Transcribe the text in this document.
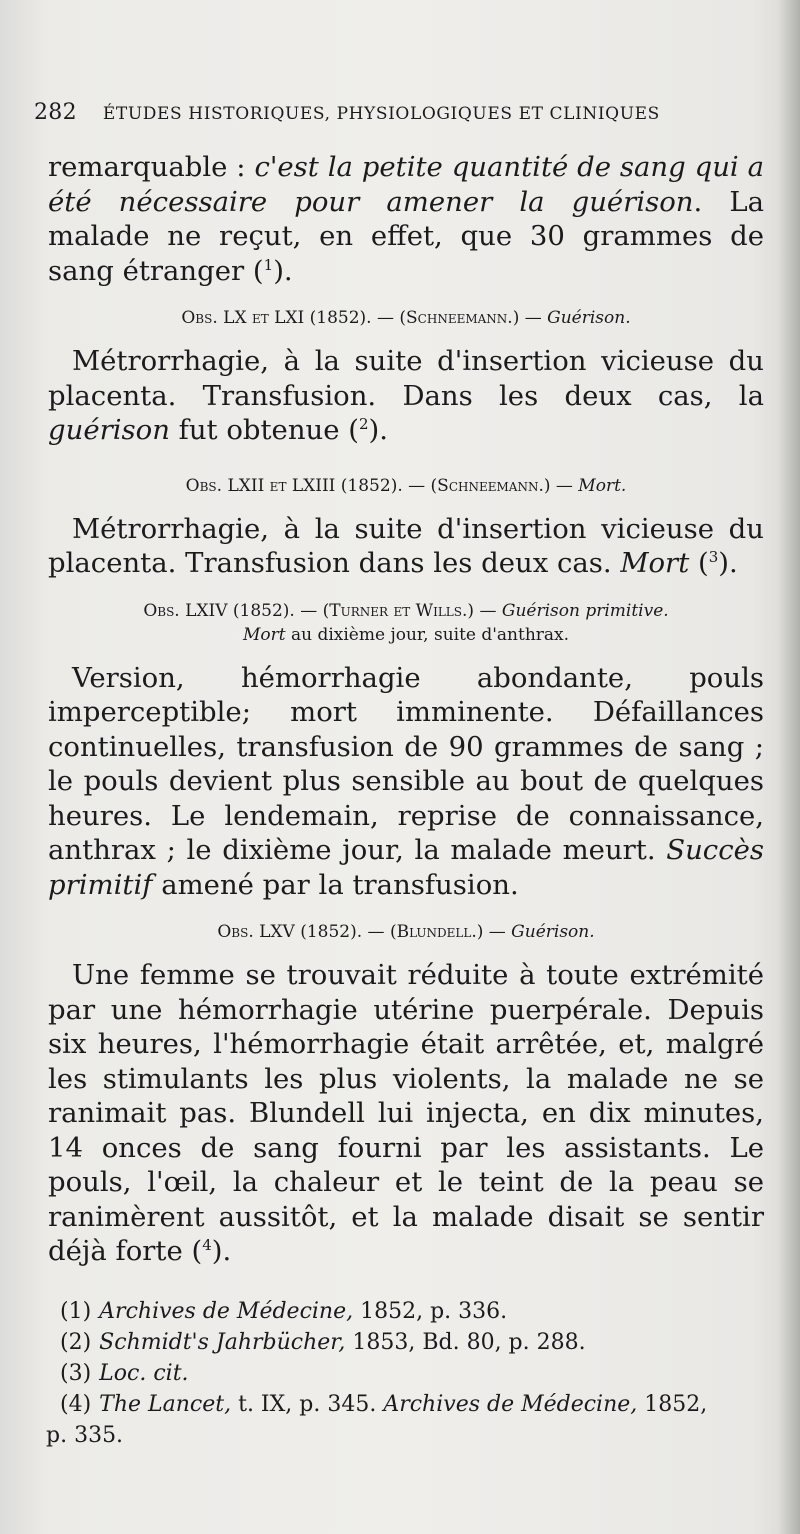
282 ÉTUDES HISTORIQUES, PHYSIOLOGIQUES ET CLINIQUES

remarquable : c'est la petite quantité de sang qui a été nécessaire pour amener la guérison. La malade ne reçut, en effet, que 30 grammes de sang étranger ($^1$).

Obs. LX et LXI (1852). — (Schneemann.) — Guérison.

Métrorrhagie, à la suite d'insertion vicieuse du placenta. Transfusion. Dans les deux cas, la guérison fut obtenue ($^2$).

Obs. LXII et LXIII (1852). — (Schneemann.) — Mort.

Métrorrhagie, à la suite d'insertion vicieuse du placenta. Transfusion dans les deux cas. Mort ($^3$).

Obs. LXIV (1852). — (Turner et Wills.) — Guérison primitive.
Mort au dixième jour, suite d'anthrax.

Version, hémorrhagie abondante, pouls imperceptible; mort imminente. Défaillances continuelles, transfusion de 90 grammes de sang ; le pouls devient plus sensible au bout de quelques heures. Le lendemain, reprise de connaissance, anthrax ; le dixième jour, la malade meurt. Succès primitif amené par la transfusion.

Obs. LXV (1852). — (Blundell.) — Guérison.

Une femme se trouvait réduite à toute extrémité par une hémorrhagie utérine puerpérale. Depuis six heures, l'hémorrhagie était arrêtée, et, malgré les stimulants les plus violents, la malade ne se ranimait pas. Blundell lui injecta, en dix minutes, 14 onces de sang fourni par les assistants. Le pouls, l'œil, la chaleur et le teint de la peau se ranimèrent aussitôt, et la malade disait se sentir déjà forte ($^4$).

(1) Archives de Médecine, 1852, p. 336.

(2) Schmidt's Jahrbücher, 1853, Bd. 80, p. 288.

(3) Loc. cit.

(4) The Lancet, t. IX, p. 345. Archives de Médecine, 1852,
p. 335.
